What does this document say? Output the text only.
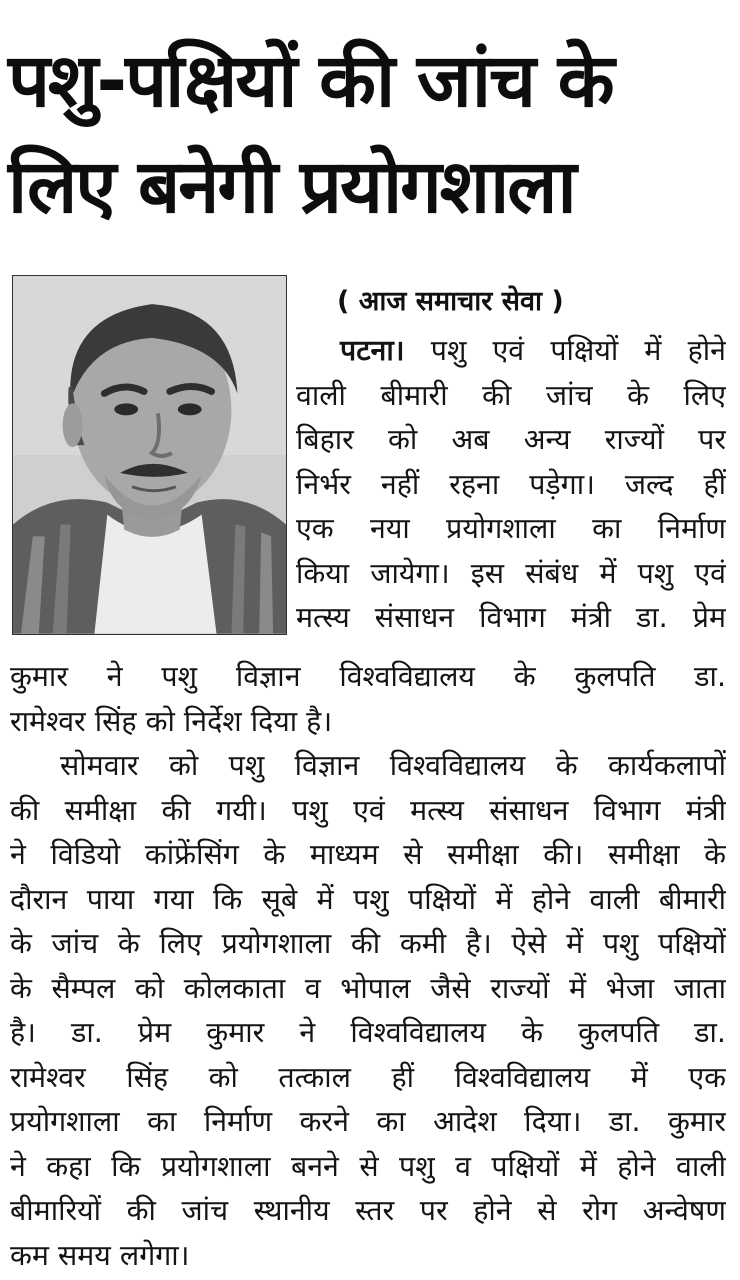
पशु-पक्षियों की जांच के
लिए बनेगी प्रयोगशाला
( आज समाचार सेवा )
पटना। पशु एवं पक्षियों में होने
वाली बीमारी की जांच के लिए
बिहार को अब अन्य राज्यों पर
निर्भर नहीं रहना पड़ेगा। जल्द हीं
एक नया प्रयोगशाला का निर्माण
किया जायेगा। इस संबंध में पशु एवं
मत्स्य संसाधन विभाग मंत्री डा. प्रेम
कुमार ने पशु विज्ञान विश्वविद्यालय के कुलपति डा.
रामेश्वर सिंह को निर्देश दिया है।
सोमवार को पशु विज्ञान विश्वविद्यालय के कार्यकलापों
की समीक्षा की गयी। पशु एवं मत्स्य संसाधन विभाग मंत्री
ने विडियो कांफ्रेंसिंग के माध्यम से समीक्षा की। समीक्षा के
दौरान पाया गया कि सूबे में पशु पक्षियों में होने वाली बीमारी
के जांच के लिए प्रयोगशाला की कमी है। ऐसे में पशु पक्षियों
के सैम्पल को कोलकाता व भोपाल जैसे राज्यों में भेजा जाता
है। डा. प्रेम कुमार ने विश्वविद्यालय के कुलपति डा.
रामेश्वर सिंह को तत्काल हीं विश्वविद्यालय में एक
प्रयोगशाला का निर्माण करने का आदेश दिया। डा. कुमार
ने कहा कि प्रयोगशाला बनने से पशु व पक्षियों में होने वाली
बीमारियों की जांच स्थानीय स्तर पर होने से रोग अन्वेषण
कम समय लगेगा।
